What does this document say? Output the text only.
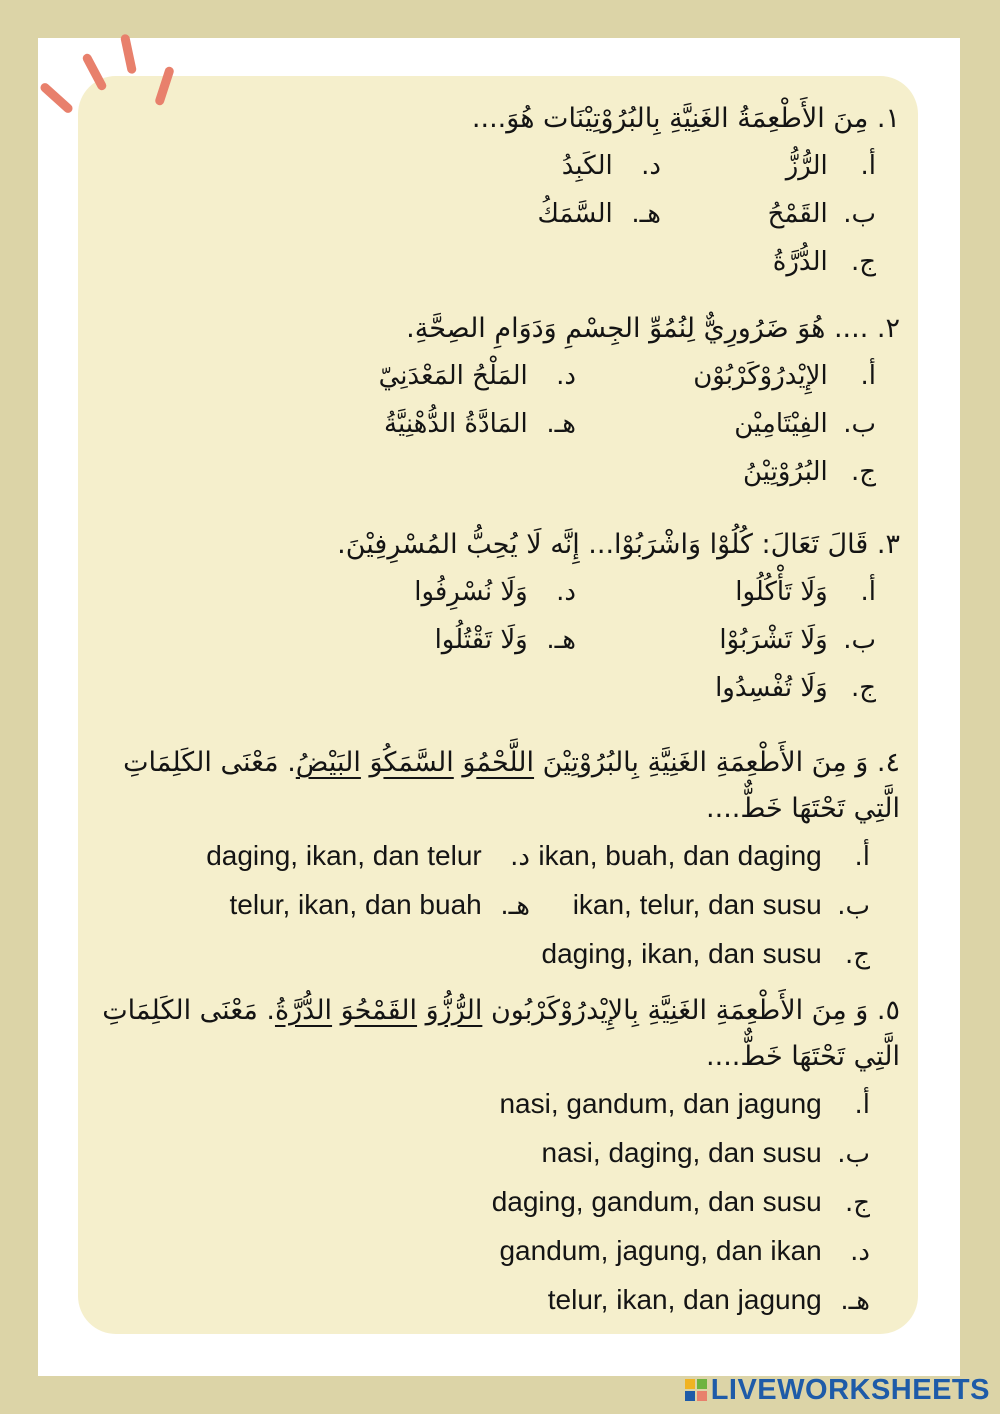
١. مِنَ الأَطْعِمَةُ الغَنِيَّةِ بِالبُرُوْتِيْنَات هُوَ....
أ. الرُّزُّ
د. الكَبِدُ
ب. القَمْحُ
هـ. السَّمَكُ
ج. الدُّرَّةُ
٢. .... هُوَ ضَرُورِيٌّ لِنُمُوِّ الجِسْمِ وَدَوَامِ الصِحَّةِ.
أ. الإِيْدرُوْكَرْبُوْن
د. المَلْحُ المَعْدَنِيّ
ب. الفِيْتَامِيْن
هـ. المَادَّةُ الدُّهْنِيَّةُ
ج. البُرُوْتِيْنُ
٣. قَالَ تَعَالَ: كُلُوْا وَاشْرَبُوْا... إِنَّه لَا يُحِبُّ المُسْرِفِيْنَ.
أ. وَلَا تَأْكُلُوا
د. وَلَا نُسْرِفُوا
ب. وَلَا تَشْرَبُوْا
هـ. وَلَا تَقْتُلُوا
ج. وَلَا تُفْسِدُوا
٤. وَ مِنَ الأَطْعِمَةِ الغَنِيَّةِ بِالبُرُوْتِيْنَ اللَّحْمُوَ السَّمَكُوَ البَيْضُ. مَعْنَى الكَلِمَاتِ الَّتِي تَحْتَهَا خَطٌّ....
أ. ikan, buah, dan daging
د. daging, ikan, dan telur
ب. ikan, telur, dan susu
هـ. telur, ikan, dan buah
ج. daging, ikan, dan susu
٥. وَ مِنَ الأَطْعِمَةِ الغَنِيَّةِ بِالإِيْدرُوْكَرْبُون الرُّزُّوَ القَمْحُوَ الدُّرَّةُ. مَعْنَى الكَلِمَاتِ الَّتِي تَحْتَهَا خَطٌّ....
أ. nasi, gandum, dan jagung
ب. nasi, daging, dan susu
ج. daging, gandum, dan susu
د. gandum, jagung, dan ikan
هـ. telur, ikan, dan jagung
LIVEWORKSHEETS
